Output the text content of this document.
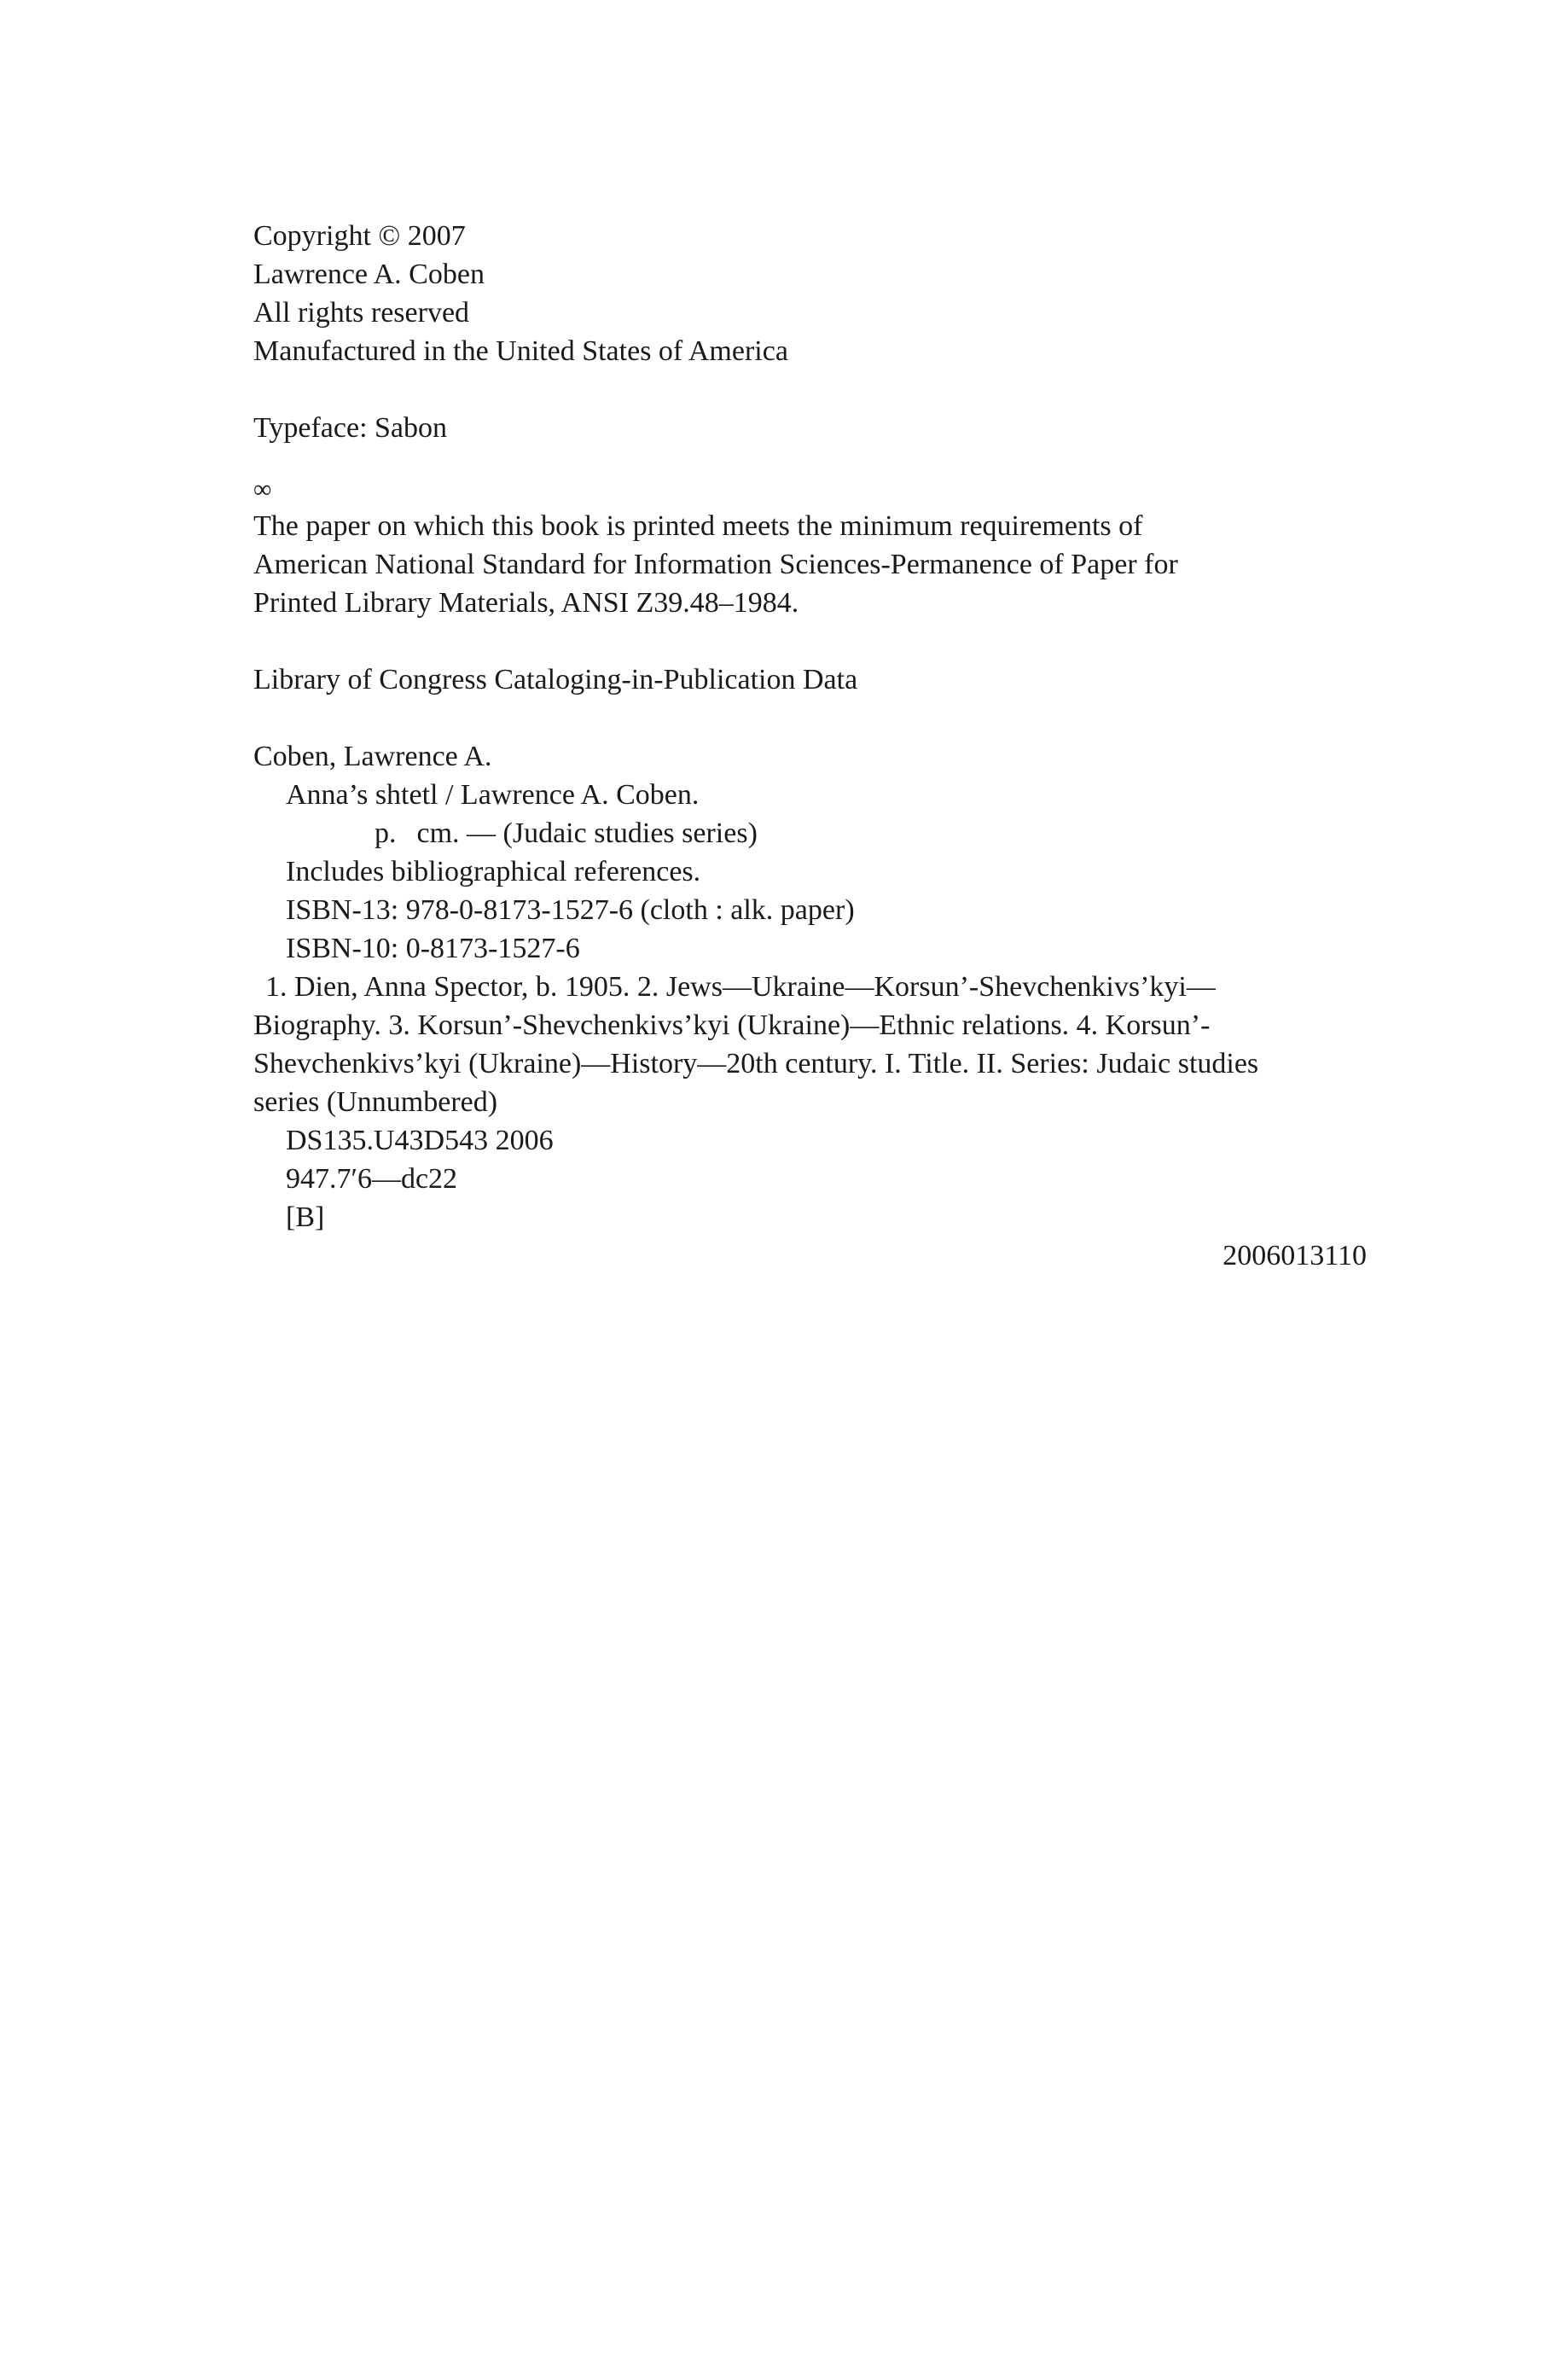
Copyright © 2007
Lawrence A. Coben
All rights reserved
Manufactured in the United States of America
Typeface: Sabon
∞
The paper on which this book is printed meets the minimum requirements of
American National Standard for Information Sciences-Permanence of Paper for
Printed Library Materials, ANSI Z39.48–1984.
Library of Congress Cataloging-in-Publication Data
Coben, Lawrence A.
Anna’s shtetl / Lawrence A. Coben.
p. cm. — (Judaic studies series)
Includes bibliographical references.
ISBN-13: 978-0-8173-1527-6 (cloth : alk. paper)
ISBN-10: 0-8173-1527-6
1. Dien, Anna Spector, b. 1905. 2. Jews—Ukraine—Korsun’-Shevchenkivs’kyi—
Biography. 3. Korsun’-Shevchenkivs’kyi (Ukraine)—Ethnic relations. 4. Korsun’-
Shevchenkivs’kyi (Ukraine)—History—20th century. I. Title. II. Series: Judaic studies
series (Unnumbered)
DS135.U43D543 2006
947.7′6—dc22
[B]
2006013110
